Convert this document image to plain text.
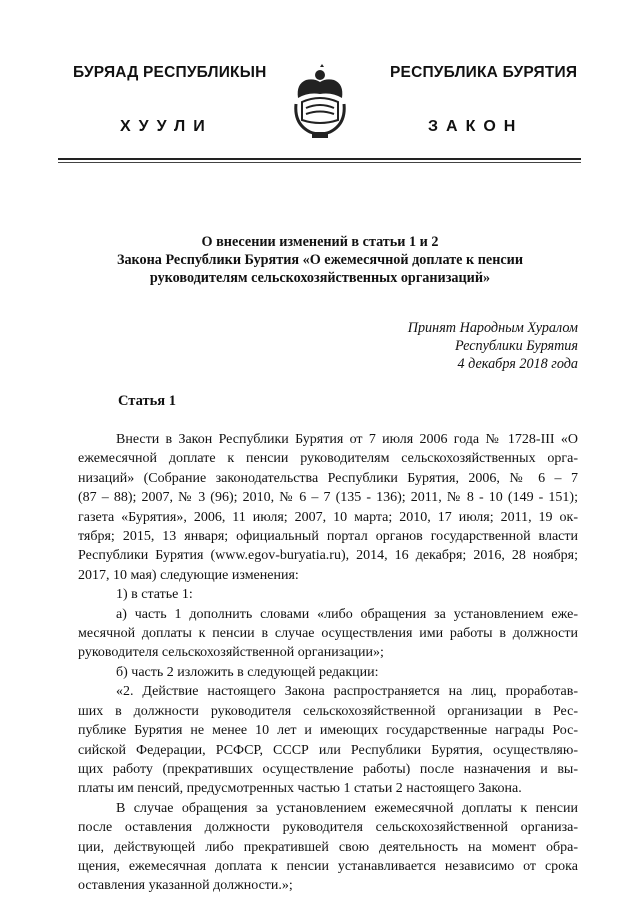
БУРЯАД РЕСПУБЛИКЫН	РЕСПУБЛИКА БУРЯТИЯ
ХУУЛИ	ЗАКОН
О внесении изменений в статьи 1 и 2
Закона Республики Бурятия «О ежемесячной доплате к пенсии
руководителям сельскохозяйственных организаций»
Принят Народным Хуралом
Республики Бурятия
4 декабря 2018 года
Статья 1

Внести в Закон Республики Бурятия от 7 июля 2006 года № 1728-III «О
ежемесячной доплате к пенсии руководителям сельскохозяйственных орга-
низаций» (Собрание законодательства Республики Бурятия, 2006, № 6 – 7
(87 – 88); 2007, № 3 (96); 2010, № 6 – 7 (135 - 136); 2011, № 8 - 10 (149 - 151);
газета «Бурятия», 2006, 11 июля; 2007, 10 марта; 2010, 17 июля; 2011, 19 ок-
тября; 2015, 13 января; официальный портал органов государственной власти
Республики Бурятия (www.egov-buryatia.ru), 2014, 16 декабря; 2016, 28 ноября;
2017, 10 мая) следующие изменения:

1) в статье 1:

а) часть 1 дополнить словами «либо обращения за установлением еже-
месячной доплаты к пенсии в случае осуществления ими работы в должности
руководителя сельскохозяйственной организации»;

б) часть 2 изложить в следующей редакции:

«2. Действие настоящего Закона распространяется на лиц, проработав-
ших в должности руководителя сельскохозяйственной организации в Рес-
публике Бурятия не менее 10 лет и имеющих государственные награды Рос-
сийской Федерации, РСФСР, СССР или Республики Бурятия, осуществляю-
щих работу (прекративших осуществление работы) после назначения и вы-
платы им пенсий, предусмотренных частью 1 статьи 2 настоящего Закона.

В случае обращения за установлением ежемесячной доплаты к пенсии
после оставления должности руководителя сельскохозяйственной организа-
ции, действующей либо прекратившей свою деятельность на момент обра-
щения, ежемесячная доплата к пенсии устанавливается независимо от срока
оставления указанной должности.»;
